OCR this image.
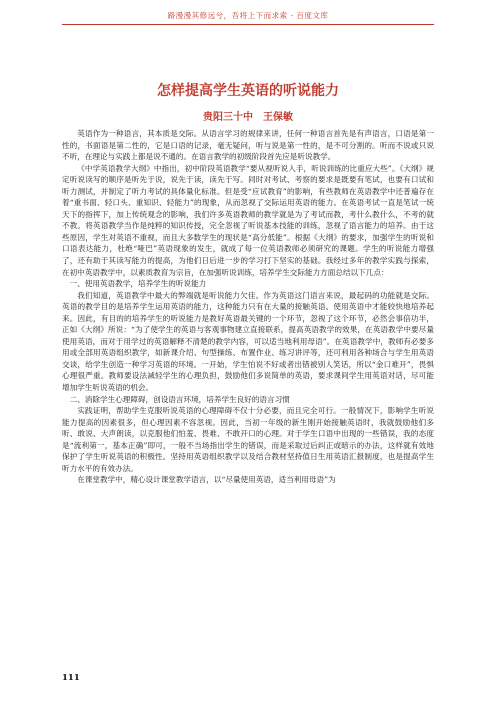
路漫漫其修远兮，吾将上下而求索 - 百度文库
怎样提高学生英语的听说能力
贵阳三十中　王保敏

英语作为一种语言，其本质是交际。从语言学习的规律来讲，任何一种语言首先是有声语言，口语是第一性的，书面语是第二性的，它是口语的记录，毫无疑问，听与说是第一性的，是不可分割的。听而不说或只说不听，在理论与实践上都是说不通的。在语言教学的初级阶段首先应是听说教学。

《中学英语教学大纲》中指出，初中阶段英语教学“要从视听说入手，听说训练的比重应大些”。《大纲》规定听说读写的顺序是听先于说，说先于读，读先于写。同时对考试、考察的要求是既要有笔试，也要有口试和听力测试，并制定了听力考试的具体量化标准。但是受“应试教育”的影响，有些教师在英语教学中还普遍存在着“重书面、轻口头、重知识、轻能力”的现象，从而忽视了交际运用英语的能力。在英语考试一直是笔试一统天下的指挥下，加上传统观念的影响，我们许多英语教师的教学就是为了考试而教，考什么教什么，不考的就不教。将英语教学当作是纯粹的知识传授，完全忽视了听说基本技能的训练，忽视了语言能力的培养。由于这些原因，学生对英语不重视，而且大多数学生的现状是“高分低能”。根据《大纲》的要求，加强学生的听说和口语表达能力，杜绝“哑巴”英语现象的发生，就成了每一位英语教师必须研究的课题。学生的听说能力增强了，还有助于其读写能力的提高，为他们日后进一步的学习打下坚实的基础。我经过多年的教学实践与探索，在初中英语教学中，以素质教育为宗旨，在加强听说训练，培养学生交际能力方面总结以下几点：

一、使用英语教学，培养学生的听说能力

我们知道，英语教学中最大的弊端就是听说能力欠佳。作为英语这门语言来说，最起码的功能就是交际。英语的教学目的是培养学生运用英语的能力，这种能力只有在大量的接触英语、使用英语中才能较快地培养起来。因此，有目的的培养学生的听说能力是教好英语最关键的一个环节，忽视了这个环节，必然会事倍功半，正如《大纲》所说：“为了使学生的英语与客观事物建立直接联系，提高英语教学的效果，在英语教学中要尽量使用英语，而对于用学过的英语解释不清楚的教学内容，可以适当地利用母语”。在英语教学中，教师有必要多用或全部用英语组织教学，如新课介绍、句型操练、布置作业、练习讲评等，还可利用各种场合与学生用英语交谈，给学生创造一种学习英语的环境。一开始，学生怕说不好或者出错被别人笑话，所以“金口难开”，畏惧心理很严重。教师要设法减轻学生的心理负担，鼓励他们多说简单的英语，要求课间学生用英语对话，尽可能增加学生听说英语的机会。

二、消除学生心理障碍，创设语言环境，培养学生良好的语言习惯

实践证明，帮助学生克服听说英语的心理障碍不仅十分必要，而且完全可行。一般情况下，影响学生听说能力提高的因素很多，但心理因素不容忽视。因此，当初一年级的新生刚开始接触英语时，我就鼓励他们多听、敢说、大声朗读，以克服他们怕羞、畏难、不敢开口的心理。对于学生口语中出现的一些错误，我的态度是“流利第一，基本正确”即可，一般不当场指出学生的错误，而是采取过后纠正或暗示的办法，这样就有效地保护了学生听说英语的积极性。坚持用英语组织教学以及结合教材坚持值日生用英语汇报制度，也是提高学生听力水平的有效办法。

在课堂教学中，精心设计课堂教学语言，以“尽量使用英语，适当利用母语”为

111
